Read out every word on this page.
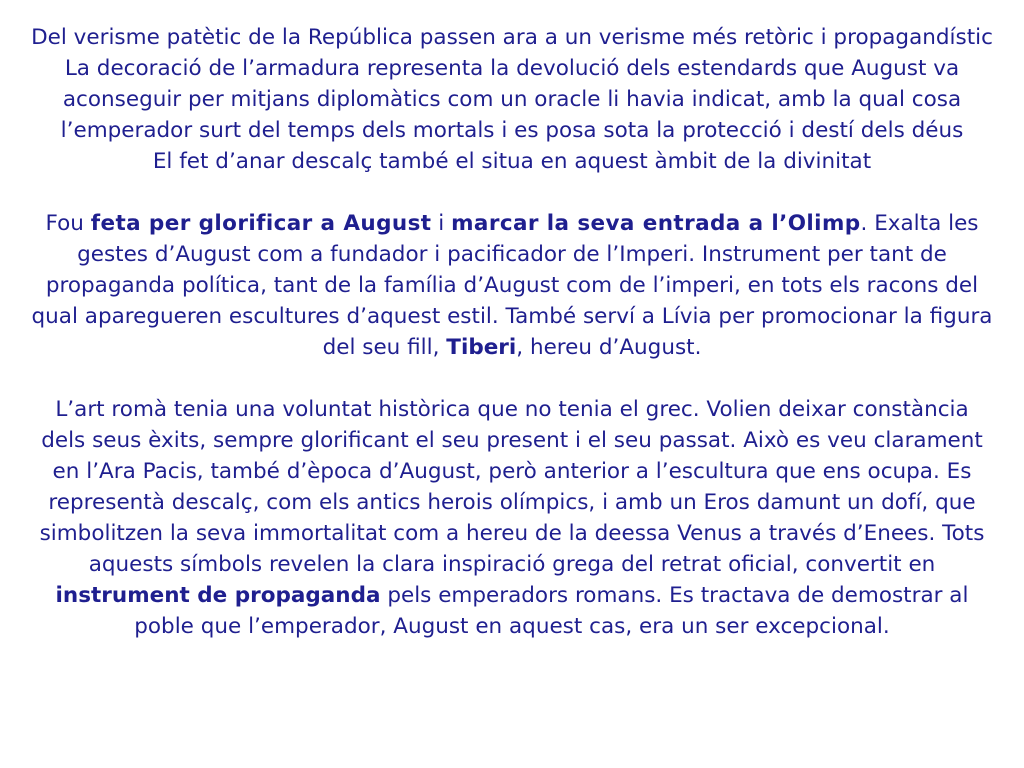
Del verisme patètic de la República passen ara a un verisme més retòric i propagandístic

La decoració de l’armadura representa la devolució dels estendards que August va aconseguir per mitjans diplomàtics com un oracle li havia indicat, amb la qual cosa l’emperador surt del temps dels mortals i es posa sota la protecció i destí dels déus

El fet d’anar descalç també el situa en aquest àmbit de la divinitat

Fou feta per glorificar a August i marcar la seva entrada a l’Olimp. Exalta les gestes d’August com a fundador i pacificador de l’Imperi. Instrument per tant de propaganda política, tant de la família d’August com de l’imperi, en tots els racons del qual aparegueren escultures d’aquest estil. També serví a Lívia per promocionar la figura del seu fill, Tiberi, hereu d’August.

L’art romà tenia una voluntat històrica que no tenia el grec. Volien deixar constància dels seus èxits, sempre glorificant el seu present i el seu passat. Això es veu clarament en l’Ara Pacis, també d’època d’August, però anterior a l’escultura que ens ocupa. Es representà descalç, com els antics herois olímpics, i amb un Eros damunt un dofí, que simbolitzen la seva immortalitat com a hereu de la deessa Venus a través d’Enees. Tots aquests símbols revelen la clara inspiració grega del retrat oficial, convertit en instrument de propaganda pels emperadors romans. Es tractava de demostrar al poble que l’emperador, August en aquest cas, era un ser excepcional.
